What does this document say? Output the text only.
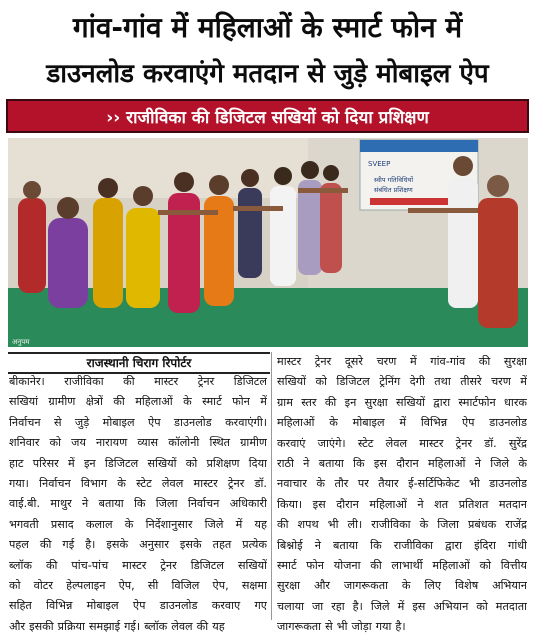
गांव-गांव में महिलाओं के स्मार्ट फोन में
डाउनलोड करवाएंगे मतदान से जुड़े मोबाइल ऐप
›› राजीविका की डिजिटल सखियों को दिया प्रशिक्षण
SVEEP
स्वीप गतिविधियों
संबंधित प्रशिक्षण
अनुपम
राजस्थानी चिराग रिपोर्टर
बीकानेर। राजीविका की मास्टर ट्रेनर डिजिटल
सखियां ग्रामीण क्षेत्रों की महिलाओं के स्मार्ट फोन में
निर्वाचन से जुड़े मोबाइल ऐप डाउनलोड करवाएंगी।
शनिवार को जय नारायण व्यास कॉलोनी स्थित ग्रामीण
हाट परिसर में इन डिजिटल सखियों को प्रशिक्षण दिया
गया। निर्वाचन विभाग के स्टेट लेवल मास्टर ट्रेनर डॉ.
वाई.बी. माथुर ने बताया कि जिला निर्वाचन अधिकारी
भगवती प्रसाद कलाल के निर्देशानुसार जिले में यह
पहल की गई है। इसके अनुसार इसके तहत प्रत्येक
ब्लॉक की पांच-पांच मास्टर ट्रेनर डिजिटल सखियों
को वोटर हेल्पलाइन ऐप, सी विजिल ऐप, सक्षमा
सहित विभिन्न मोबाइल ऐप डाउनलोड करवाए गए
और इसकी प्रक्रिया समझाई गई। ब्लॉक लेवल की यह
मास्टर ट्रेनर दूसरे चरण में गांव-गांव की सुरक्षा
सखियों को डिजिटल ट्रेनिंग देगी तथा तीसरे चरण में
ग्राम स्तर की इन सुरक्षा सखियों द्वारा स्मार्टफोन धारक
महिलाओं के मोबाइल में विभिन्न ऐप डाउनलोड
करवाएं जाएंगे। स्टेट लेवल मास्टर ट्रेनर डॉ. सुरेंद्र
राठी ने बताया कि इस दौरान महिलाओं ने जिले के
नवाचार के तौर पर तैयार ई-सर्टिफिकेट भी डाउनलोड
किया। इस दौरान महिलाओं ने शत प्रतिशत मतदान
की शपथ भी ली। राजीविका के जिला प्रबंधक राजेंद्र
बिश्नोई ने बताया कि राजीविका द्वारा इंदिरा गांधी
स्मार्ट फोन योजना की लाभार्थी महिलाओं को वित्तीय
सुरक्षा और जागरूकता के लिए विशेष अभियान
चलाया जा रहा है। जिले में इस अभियान को मतदाता
जागरूकता से भी जोड़ा गया है।
